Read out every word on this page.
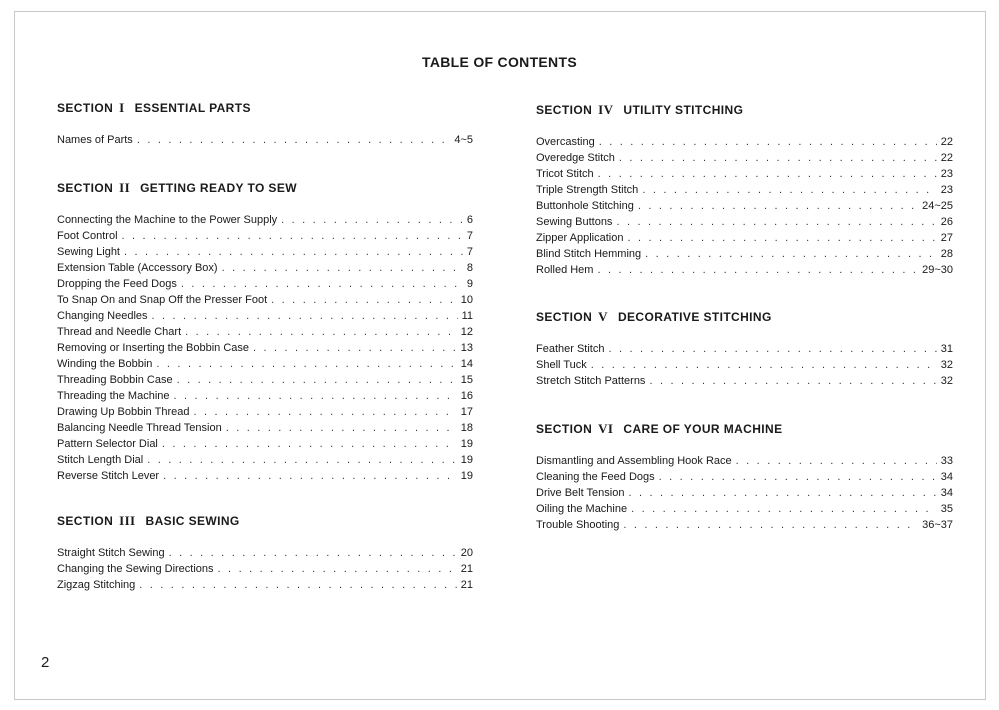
TABLE OF CONTENTS
SECTION I ESSENTIAL PARTS
Names of Parts . . .	4~5
SECTION II GETTING READY TO SEW
Connecting the Machine to the Power Supply . . .	6
Foot Control . . .	7
Sewing Light . . .	7
Extension Table (Accessory Box) . . .	8
Dropping the Feed Dogs . . .	9
To Snap On and Snap Off the Presser Foot . . .	10
Changing Needles . . .	11
Thread and Needle Chart . . .	12
Removing or Inserting the Bobbin Case . . .	13
Winding the Bobbin . . .	14
Threading Bobbin Case . . .	15
Threading the Machine . . .	16
Drawing Up Bobbin Thread . . .	17
Balancing Needle Thread Tension . . .	18
Pattern Selector Dial . . .	19
Stitch Length Dial . . .	19
Reverse Stitch Lever . . .	19
SECTION III BASIC SEWING
Straight Stitch Sewing . . .	20
Changing the Sewing Directions . . .	21
Zigzag Stitching . . .	21
SECTION IV UTILITY STITCHING
Overcasting . . .	22
Overedge Stitch . . .	22
Tricot Stitch . . .	23
Triple Strength Stitch . . .	23
Buttonhole Stitching . . .	24~25
Sewing Buttons . . .	26
Zipper Application . . .	27
Blind Stitch Hemming . . .	28
Rolled Hem . . .	29~30
SECTION V DECORATIVE STITCHING
Feather Stitch . . .	31
Shell Tuck . . .	32
Stretch Stitch Patterns . . .	32
SECTION VI CARE OF YOUR MACHINE
Dismantling and Assembling Hook Race . . .	33
Cleaning the Feed Dogs . . .	34
Drive Belt Tension . . .	34
Oiling the Machine . . .	35
Trouble Shooting . . .	36~37
2
